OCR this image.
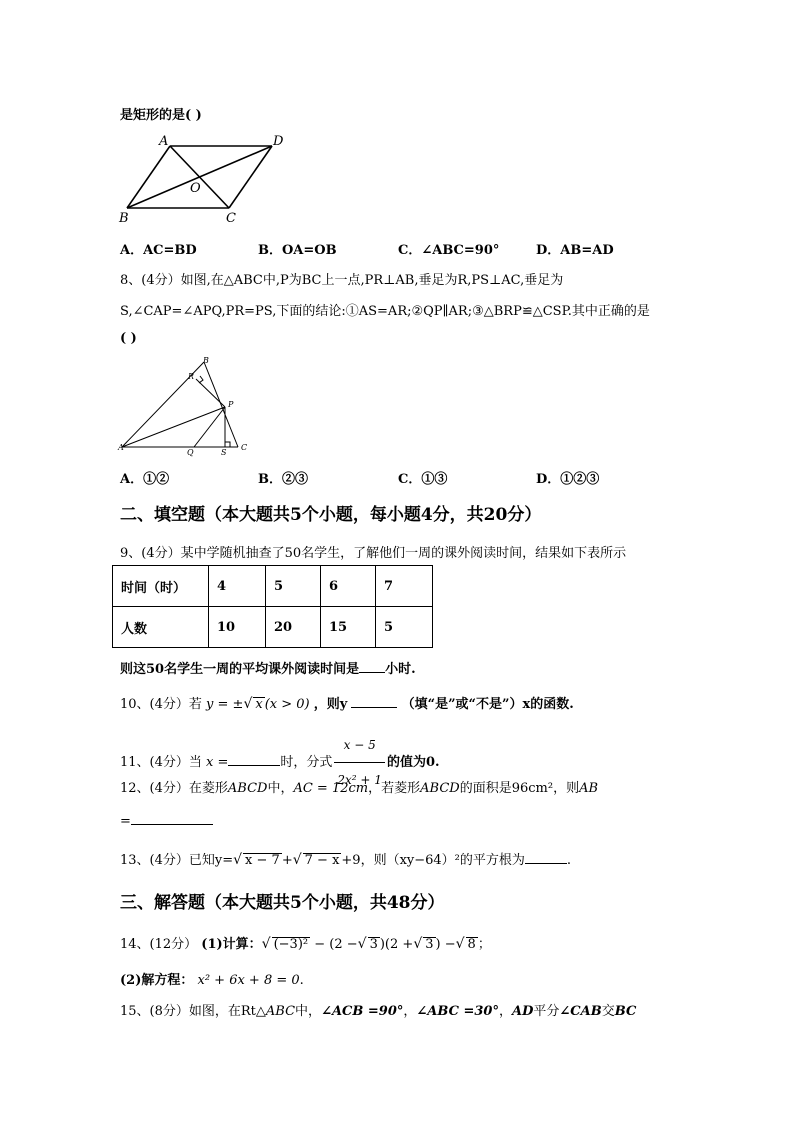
是矩形的是( )
A	D
O
B	C
A．AC=BD	B．OA=OB	C．∠ABC=90°	D．AB=AD
8、(4分）如图,在△ABC中,P为BC上一点,PR⊥AB,垂足为R,PS⊥AC,垂足为
S,∠CAP=∠APQ,PR=PS,下面的结论:①AS=AR;②QP∥AR;③△BRP≌△CSP.其中正确的是
( )
B
R
P
A
Q	S
C
A．①②	B．②③	C．①③	D．①②③
二、填空题（本大题共5个小题，每小题4分，共20分）
9、(4分）某中学随机抽查了50名学生，了解他们一周的课外阅读时间，结果如下表所示
时间（时）	4	5	6	7
人数	10	20	15	5
则这50名学生一周的平均课外阅读时间是 小时.
10、(4分）若 y = ±√ x (x > 0) ，则y	（填“是”或“不是”）x的函数.
11、(4分）当 x =	时，分式 $\frac{x - 5}{\text{2x² + 1}}$ 的值为0.
12、(4分）在菱形ABCD中，AC = 12cm，若菱形ABCD的面积是96cm²，则AB
=
13、(4分）已知y=√ x − 7 +√ 7 − x +9，则（xy−64）²的平方根为	.
三、解答题（本大题共5个小题，共48分）
14、(12分） (1)计算：√ (−3)² − (2 −√ 3 )(2 +√ 3 ) −√ 8 ；
(2)解方程： x² + 6x + 8 = 0.
15、(8分）如图，在Rt△ABC中，∠ACB =90°，∠ABC =30°，AD平分∠CAB交BC
